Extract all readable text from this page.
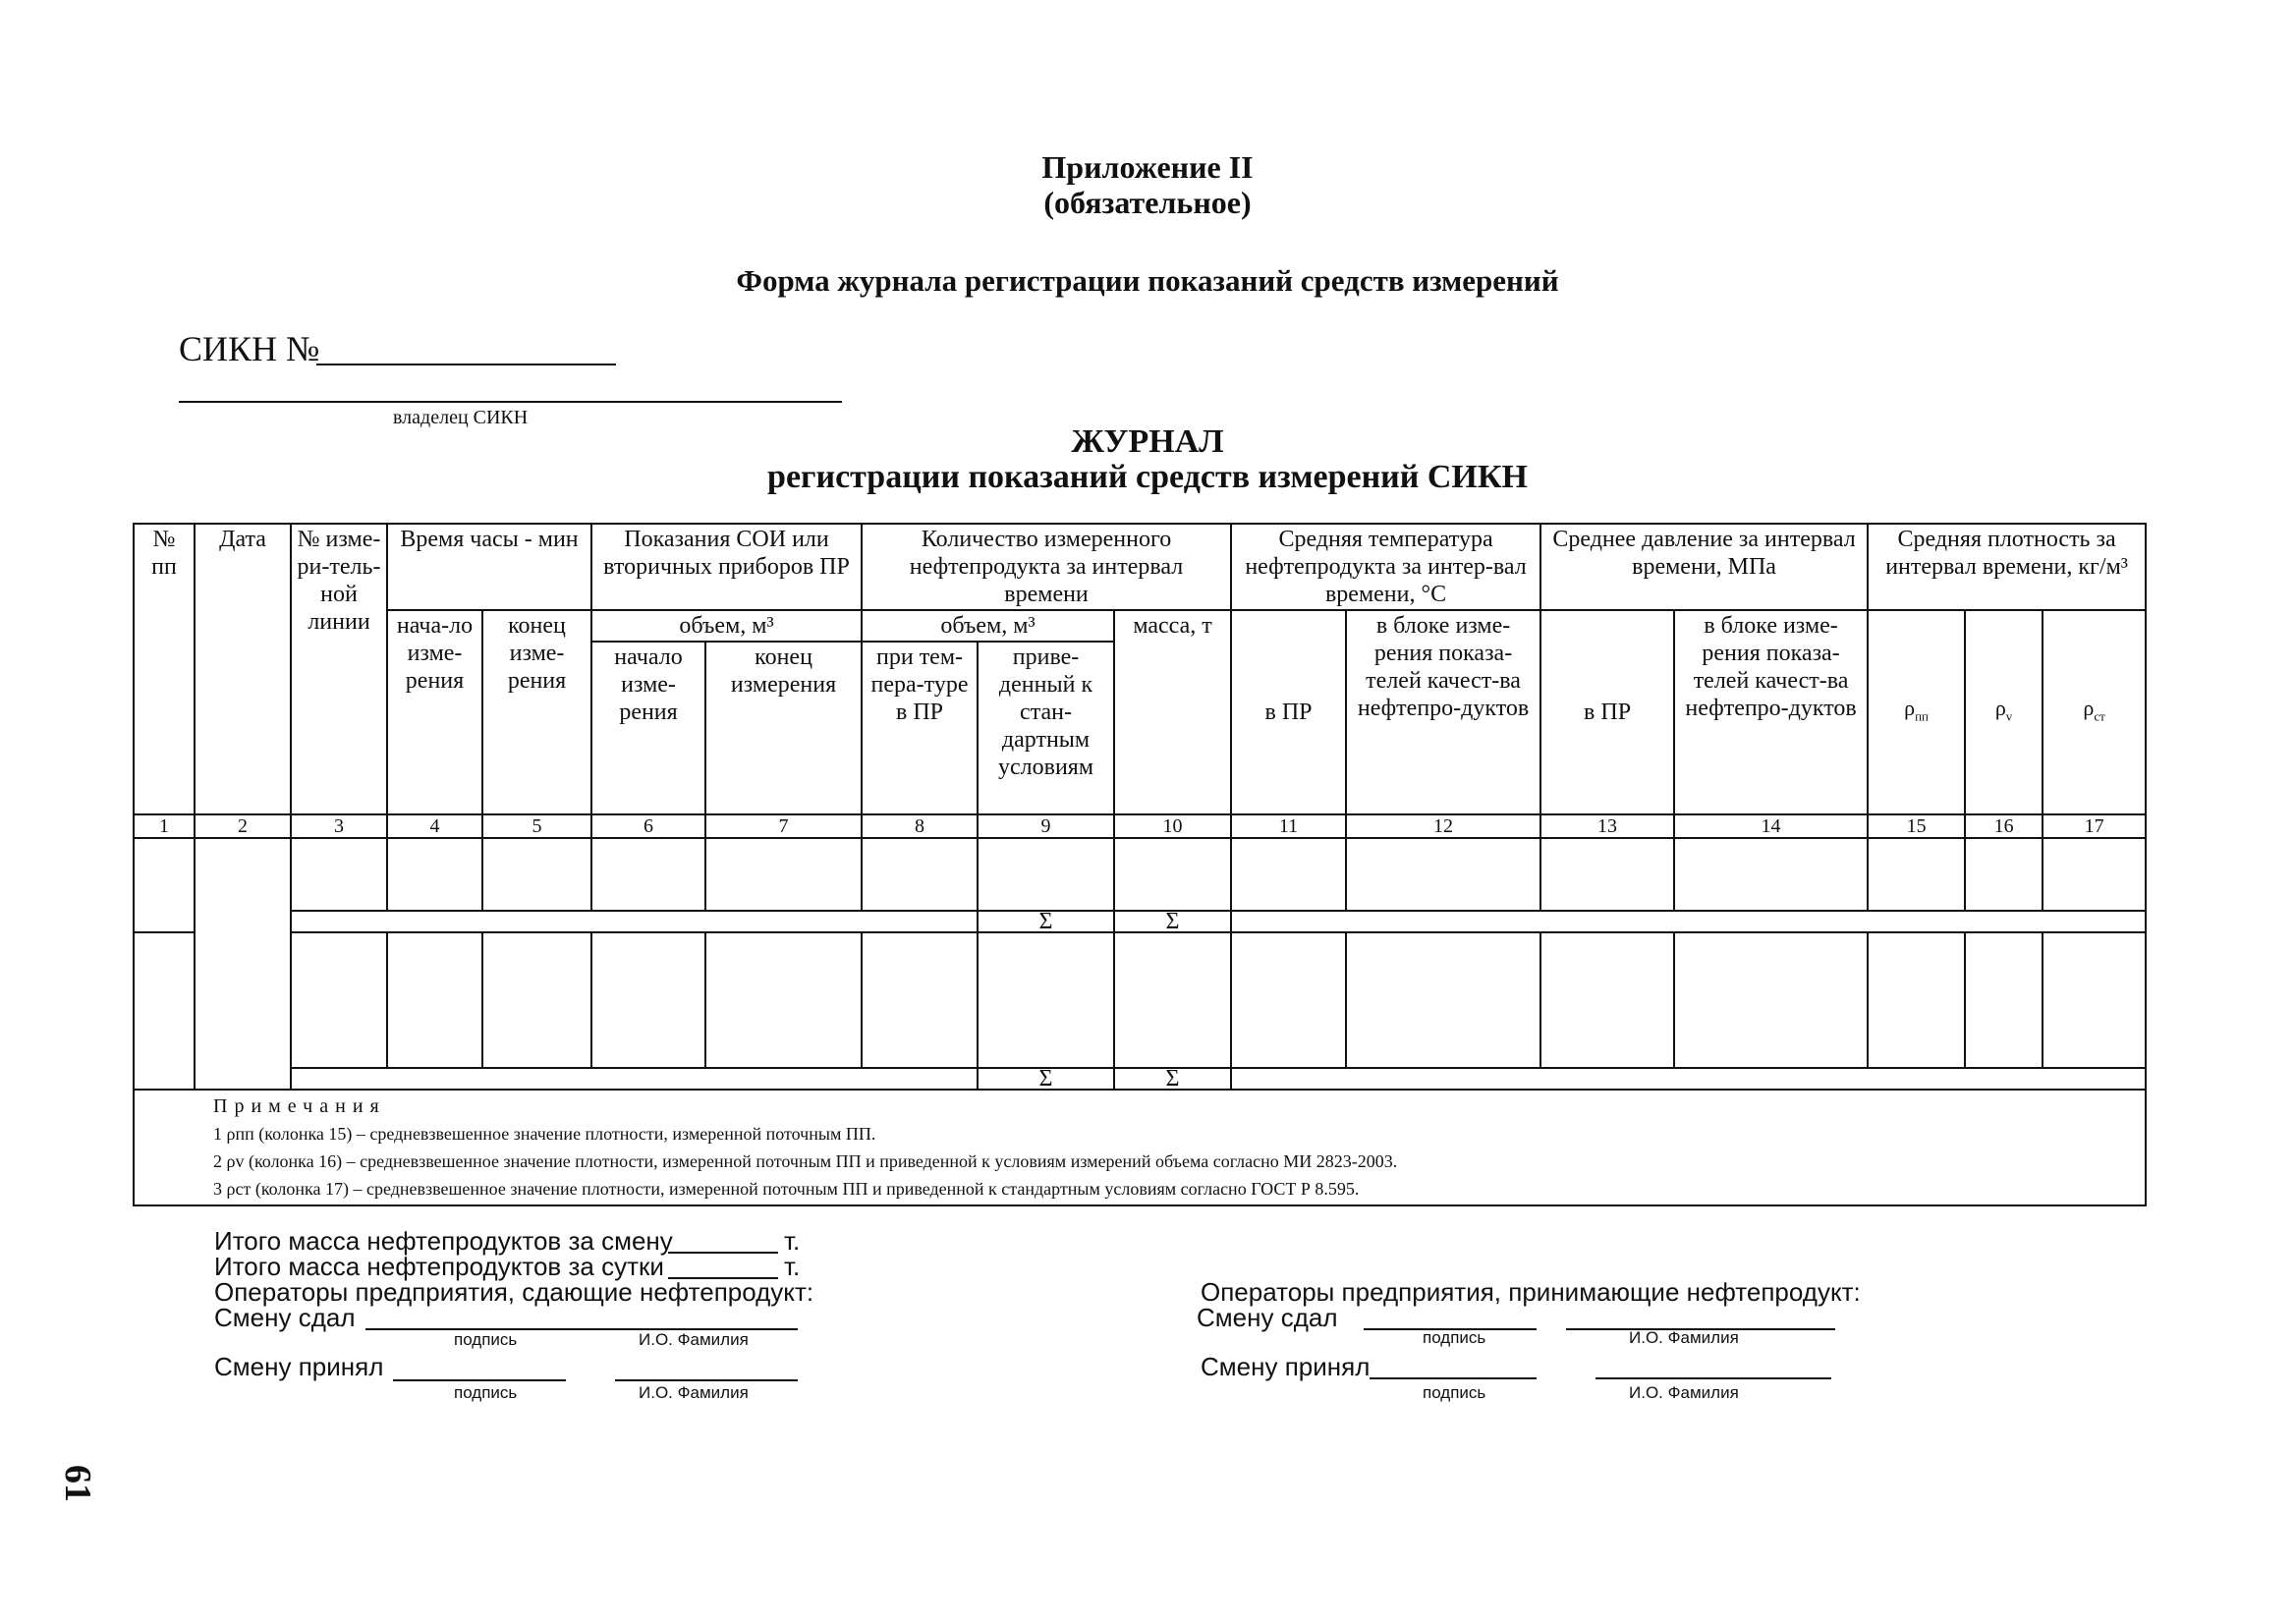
Приложение II
(обязательное)
Форма журнала регистрации показаний средств измерений
СИКН №
владелец СИКН
ЖУРНАЛ
регистрации показаний средств измерений СИКН
№ пп	Дата	№ изме-ри-тель-ной линии	Время часы - мин		Показания СОИ или вторичных приборов ПР		Количество измеренного нефтепродукта за интервал времени			Средняя температура нефтепродукта за интер-вал времени, °С		Среднее давление за интервал времени, МПа		Средняя плотность за интервал времени, кг/м³		
			нача-ло изме-рения	конец изме-рения	объем, м³		объем, м³		масса, т	в ПР	в блоке изме-рения показа-телей качест-ва нефтепро-дуктов	в ПР	в блоке изме-рения показа-телей качест-ва нефтепро-дуктов	$\rho_{пп}$	$\rho_v$	$\rho_{ст}$
					начало изме-рения	конец измерения	при тем-пера-туре в ПР	приве-денный к стан-дартным условиям								
1	2	3	4	5	6	7	8	9	10	11	12	13	14	15	16	17

								Σ	Σ							

								Σ	Σ							

Примечания
1 ρпп (колонка 15) – средневзвешенное значение плотности, измеренной поточным ПП.
2 ρv (колонка 16) – средневзвешенное значение плотности, измеренной поточным ПП и приведенной к условиям измерений объема согласно МИ 2823-2003.
3 ρст (колонка 17) – средневзвешенное значение плотности, измеренной поточным ПП и приведенной к стандартным условиям согласно ГОСТ Р 8.595.																
Итого масса нефтепродуктов за смену	т.
Итого масса нефтепродуктов за сутки	т.
Операторы предприятия, сдающие нефтепродукт:
Смену сдал
подпись	И.О. Фамилия
Смену принял
подпись	И.О. Фамилия
Операторы предприятия, принимающие нефтепродукт:
Смену сдал
подпись	И.О. Фамилия
Смену принял
подпись	И.О. Фамилия
61
